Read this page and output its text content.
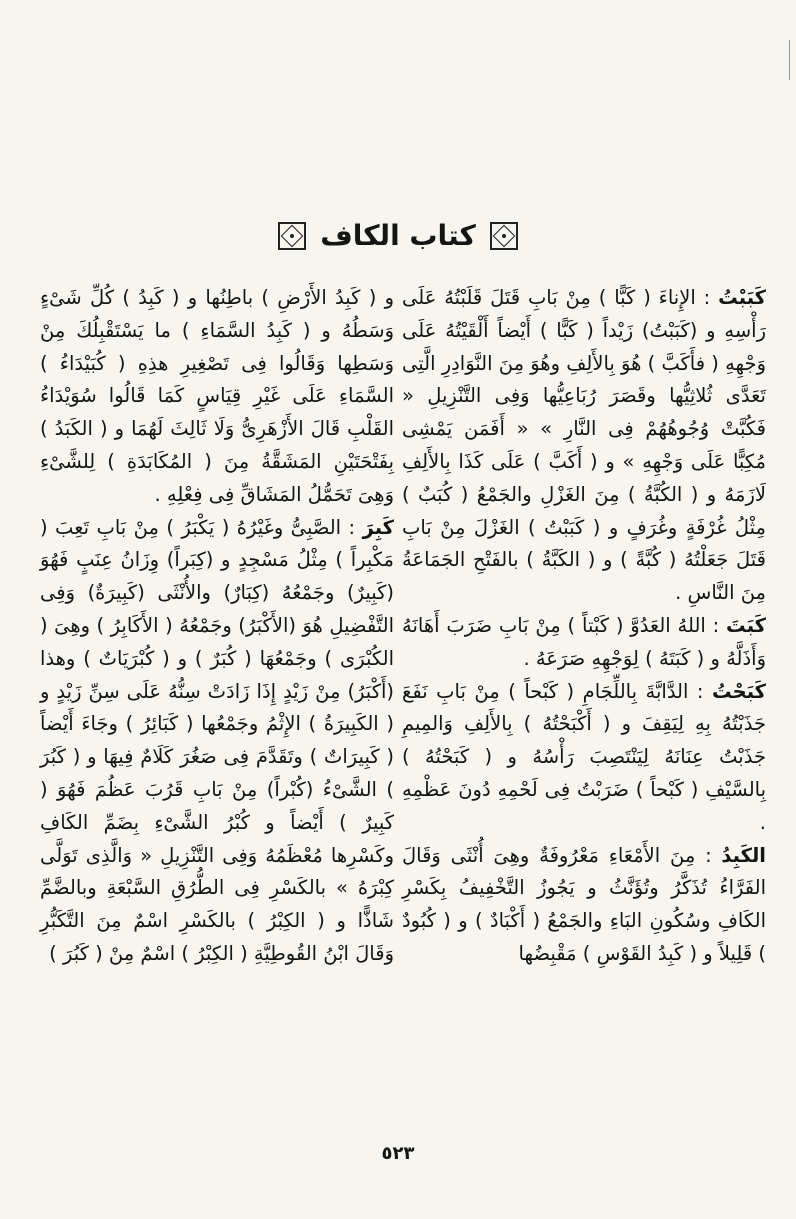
كتاب الكاف

كَبَبْتُ : الإِناءَ ( كَبًّا ) مِنْ بَابِ قَتَلَ قَلَبْتُهُ عَلَى رَأْسِهِ و (كَبَبْتُ) زَيْداً ( كَبًّا ) أَيْضاً أَلْقَيْتُهُ عَلَى وَجْهِهِ ( فأَكَبَّ ) هُوَ بِالأَلِفِ وهُوَ مِنَ النَّوَادِرِ الَّتِى تَعَدَّى ثُلاثِيُّها وقَصَرَ رُبَاعِيُّها وَفِى التَّنْزِيلِ « فَكُبَّتْ وُجُوهُهُمْ فِى النَّارِ » « أَفَمَن يَمْشِى مُكِبًّا عَلَى وَجْهِهِ » و ( أَكَبَّ ) عَلَى كَذَا بِالأَلِفِ لَازَمَهُ و ( الكُبَّةُ ) مِنَ الغَزْلِ والجَمْعُ ( كُبَبٌ ) مِثْلُ غُرْفَةٍ وغُرَفٍ و ( كَبَبْتُ ) الغَزْلَ مِنْ بَابِ قَتَلَ جَعَلْتُهُ ( كُبَّةً ) و ( الكَبَّةُ ) بالفَتْحِ الجَمَاعَةُ مِنَ النَّاسِ .

كَبَتَ : اللهُ العَدُوَّ ( كَبْتاً ) مِنْ بَابِ ضَرَبَ أَهَانَهُ وَأَذَلَّهُ و ( كَبَتَهُ ) لِوَجْهِهِ صَرَعَهُ .

كَبَحْتُ : الدَّابَّةَ بِاللِّجَامِ ( كَبْحاً ) مِنْ بَابِ نَفَعَ جَذَبْتُهُ بِهِ لِيَقِفَ و ( أَكْبَحْتُهُ ) بِالأَلِفِ وَالمِيمِ جَذَبْتُ عِنَانَهُ لِيَنْتَصِبَ رَأْسُهُ و ( كَبَحْتُهُ ) بِالسَّيْفِ ( كَبْحاً ) ضَرَبْتُ فِى لَحْمِهِ دُونَ عَظْمِهِ .

الكَبِدُ : مِنَ الأَمْعَاءِ مَعْرُوفَةٌ وهِىَ أُنْثَى وَقَالَ الفَرَّاءُ تُذَكَّرُ وتُؤَنَّثُ و يَجُوزُ التَّخْفِيفُ بِكَسْرِ الكَافِ وسُكُونِ البَاءِ والجَمْعُ ( أَكْبَادٌ ) و ( كُبُودٌ ) قَلِيلاً و ( كَبِدُ القَوْسِ ) مَقْبِضُها

و ( كَبِدُ الأَرْضِ ) باطِنُها و ( كَبِدُ ) كُلِّ شَىْءٍ وَسَطُهُ و ( كَبِدُ السَّمَاءِ ) ما يَسْتَقْبِلُكَ مِنْ وَسَطِها وَقَالُوا فِى تَصْغِيرِ هذِهِ ( كُبَيْدَاءُ ) السَّمَاءِ عَلَى غَيْرِ قِيَاسٍ كَمَا قَالُوا سُوَيْدَاءُ القَلْبِ قَالَ الأَزْهَرِىُّ وَلَا ثَالِثَ لَهُمَا و ( الكَبَدُ ) بِفَتْحَتَيْنِ المَشَقَّةُ مِنَ ( المُكَابَدَةِ ) لِلشَّىْءِ وَهِىَ تَحَمُّلُ المَشَاقِّ فِى فِعْلِهِ .

كَبِرَ : الصَّبِىُّ وغَيْرُهُ ( يَكْبَرُ ) مِنْ بَابِ تَعِبَ ( مَكْبِراً ) مِثْلُ مَسْجِدٍ و (كِبَراً) وِزَانُ عِنَبٍ فَهُوَ (كَبِيرٌ) وجَمْعُهُ (كِبَارٌ) والأُنْثَى (كَبِيرَةٌ) وَفِى التَّفْضِيلِ هُوَ (الأَكْبَرُ) وجَمْعُهُ ( الأَكَابِرُ ) وهِىَ ( الكُبْرَى ) وجَمْعُهَا ( كُبَرٌ ) و ( كُبْرَيَاتٌ ) وهذا (أَكْبَرُ) مِنْ زَيْدٍ إِذَا زَادَتْ سِنُّهُ عَلَى سِنِّ زَيْدٍ و ( الكَبِيرَةُ ) الإِثْمُ وجَمْعُها ( كَبَائِرُ ) وجَاءَ أَيْضاً ( كَبِيرَاتٌ ) وتَقَدَّمَ فِى صَغُرَ كَلَامٌ فِيهَا و ( كَبُرَ ) الشَّىْءُ (كُبْراً) مِنْ بَابِ قَرُبَ عَظُمَ فَهُوَ ( كَبِيرٌ ) أَيْضاً و كُبْرُ الشَّىْءِ بِضَمِّ الكَافِ وكَسْرِها مُعْظَمُهُ وَفِى التَّنْزِيلِ « وَالَّذِى تَوَلَّى كِبْرَهُ » بالكَسْرِ فِى الطُّرُقِ السَّبْعَةِ وبالضَّمِّ شَاذًّا و ( الكِبْرُ ) بالكَسْرِ اسْمٌ مِنَ التَّكَبُّرِ وَقَالَ ابْنُ القُوطِيَّةِ ( الكِبْرُ ) اسْمٌ مِنْ ( كَبُرَ )

٥٢٣
